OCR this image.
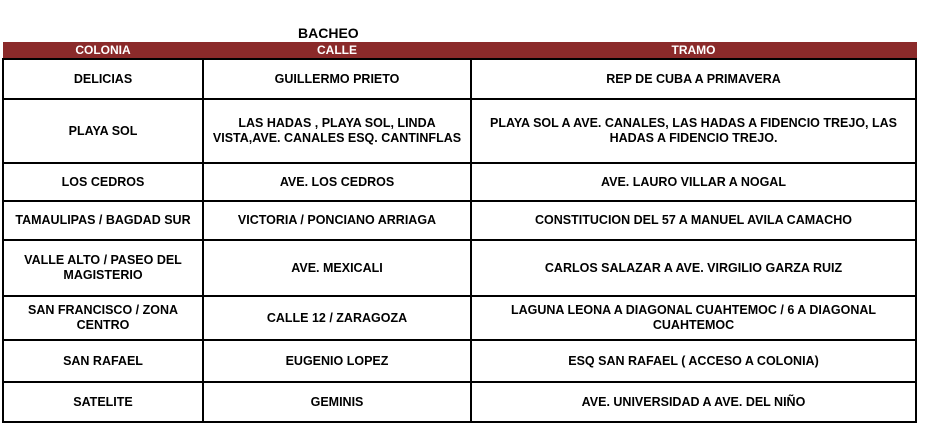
BACHEO
COLONIA	CALLE	TRAMO
DELICIAS	GUILLERMO PRIETO	REP DE CUBA A PRIMAVERA
PLAYA SOL	LAS HADAS , PLAYA SOL, LINDA VISTA,AVE. CANALES ESQ. CANTINFLAS	PLAYA SOL A AVE. CANALES, LAS HADAS A FIDENCIO TREJO, LAS HADAS A FIDENCIO TREJO.
LOS CEDROS	AVE. LOS CEDROS	AVE. LAURO VILLAR A NOGAL
TAMAULIPAS / BAGDAD SUR	VICTORIA / PONCIANO ARRIAGA	CONSTITUCION DEL 57 A MANUEL AVILA CAMACHO
VALLE ALTO / PASEO DEL MAGISTERIO	AVE. MEXICALI	CARLOS SALAZAR A AVE. VIRGILIO GARZA RUIZ
SAN FRANCISCO / ZONA CENTRO	CALLE 12 / ZARAGOZA	LAGUNA LEONA A DIAGONAL CUAHTEMOC / 6 A DIAGONAL CUAHTEMOC
SAN RAFAEL	EUGENIO LOPEZ	ESQ SAN RAFAEL ( ACCESO A COLONIA)
SATELITE	GEMINIS	AVE. UNIVERSIDAD A AVE. DEL NIÑO
